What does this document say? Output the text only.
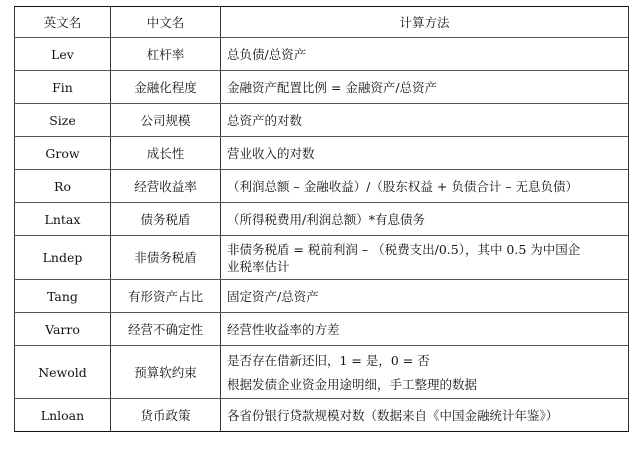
英文名	中文名	计算方法
Lev	杠杆率	总负债/总资产

Fin	金融化程度	金融资产配置比例 = 金融资产/总资产

Size	公司规模	总资产的对数

Grow	成长性	营业收入的对数

Ro	经营收益率	（利润总额 – 金融收益）/（股东权益 + 负债合计 – 无息负债）

Lntax	债务税盾	（所得税费用/利润总额）*有息债务

Lndep	非债务税盾	非债务税盾 = 税前利润 – （税费支出/0.5），其中 0.5 为中国企
业税率估计
Tang	有形资产占比	固定资产/总资产

Varro	经营不确定性	经营性收益率的方差

Newold	预算软约束	是否存在借新还旧，1 = 是，0 = 否
根据发债企业资金用途明细，手工整理的数据

Lnloan	货币政策	各省份银行贷款规模对数（数据来自《中国金融统计年鉴》）
